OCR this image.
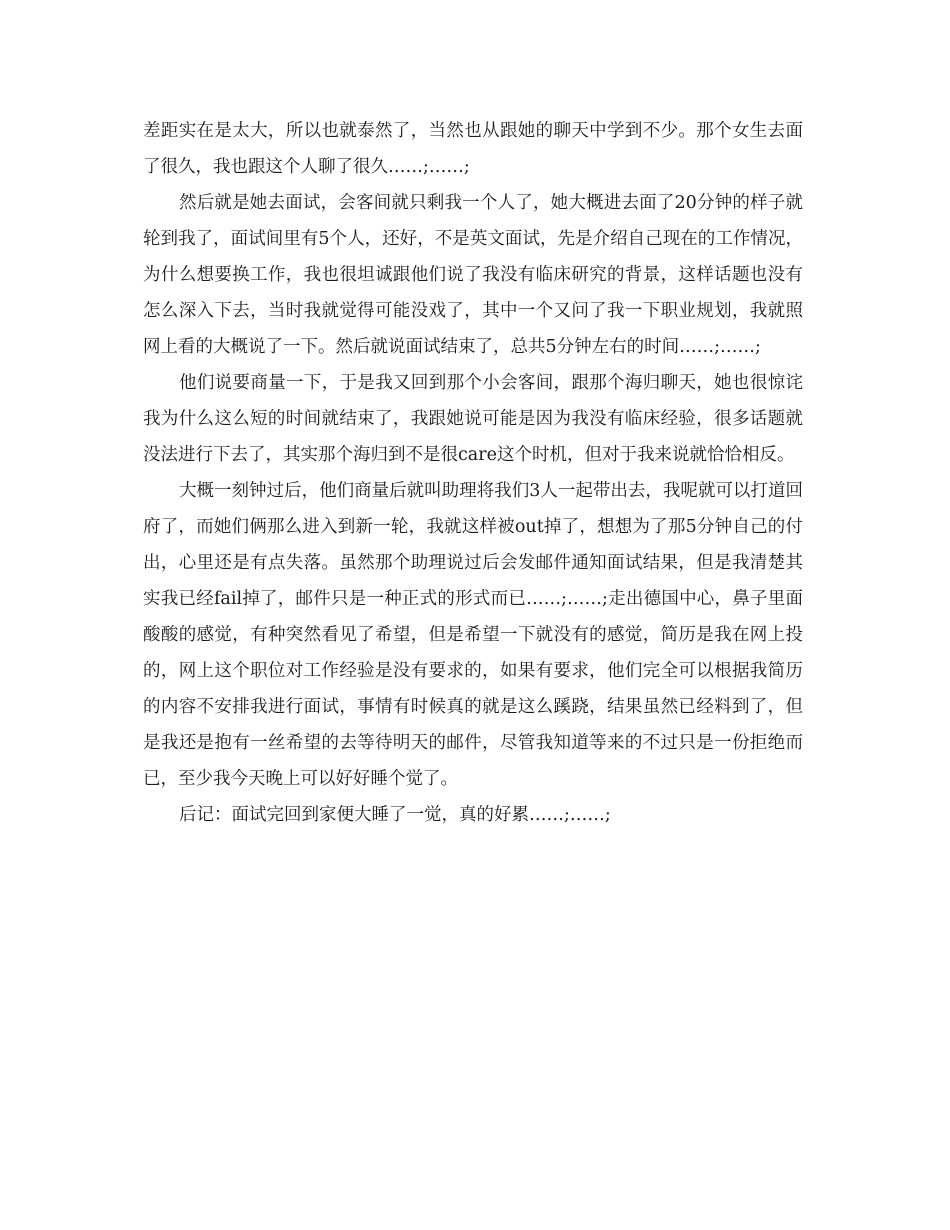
差距实在是太大，所以也就泰然了，当然也从跟她的聊天中学到不少。那个女生去面了很久，我也跟这个人聊了很久……;……;

然后就是她去面试，会客间就只剩我一个人了，她大概进去面了20分钟的样子就轮到我了，面试间里有5个人，还好，不是英文面试，先是介绍自己现在的工作情况，为什么想要换工作，我也很坦诚跟他们说了我没有临床研究的背景，这样话题也没有怎么深入下去，当时我就觉得可能没戏了，其中一个又问了我一下职业规划，我就照网上看的大概说了一下。然后就说面试结束了，总共5分钟左右的时间……;……;

他们说要商量一下，于是我又回到那个小会客间，跟那个海归聊天，她也很惊诧我为什么这么短的时间就结束了，我跟她说可能是因为我没有临床经验，很多话题就没法进行下去了，其实那个海归到不是很care这个时机，但对于我来说就恰恰相反。

大概一刻钟过后，他们商量后就叫助理将我们3人一起带出去，我呢就可以打道回府了，而她们俩那么进入到新一轮，我就这样被out掉了，想想为了那5分钟自己的付出，心里还是有点失落。虽然那个助理说过后会发邮件通知面试结果，但是我清楚其实我已经fail掉了，邮件只是一种正式的形式而已……;……;走出德国中心，鼻子里面酸酸的感觉，有种突然看见了希望，但是希望一下就没有的感觉，简历是我在网上投的，网上这个职位对工作经验是没有要求的，如果有要求，他们完全可以根据我简历的内容不安排我进行面试，事情有时候真的就是这么蹊跷，结果虽然已经料到了，但是我还是抱有一丝希望的去等待明天的邮件，尽管我知道等来的不过只是一份拒绝而已，至少我今天晚上可以好好睡个觉了。

后记：面试完回到家便大睡了一觉，真的好累……;……;
